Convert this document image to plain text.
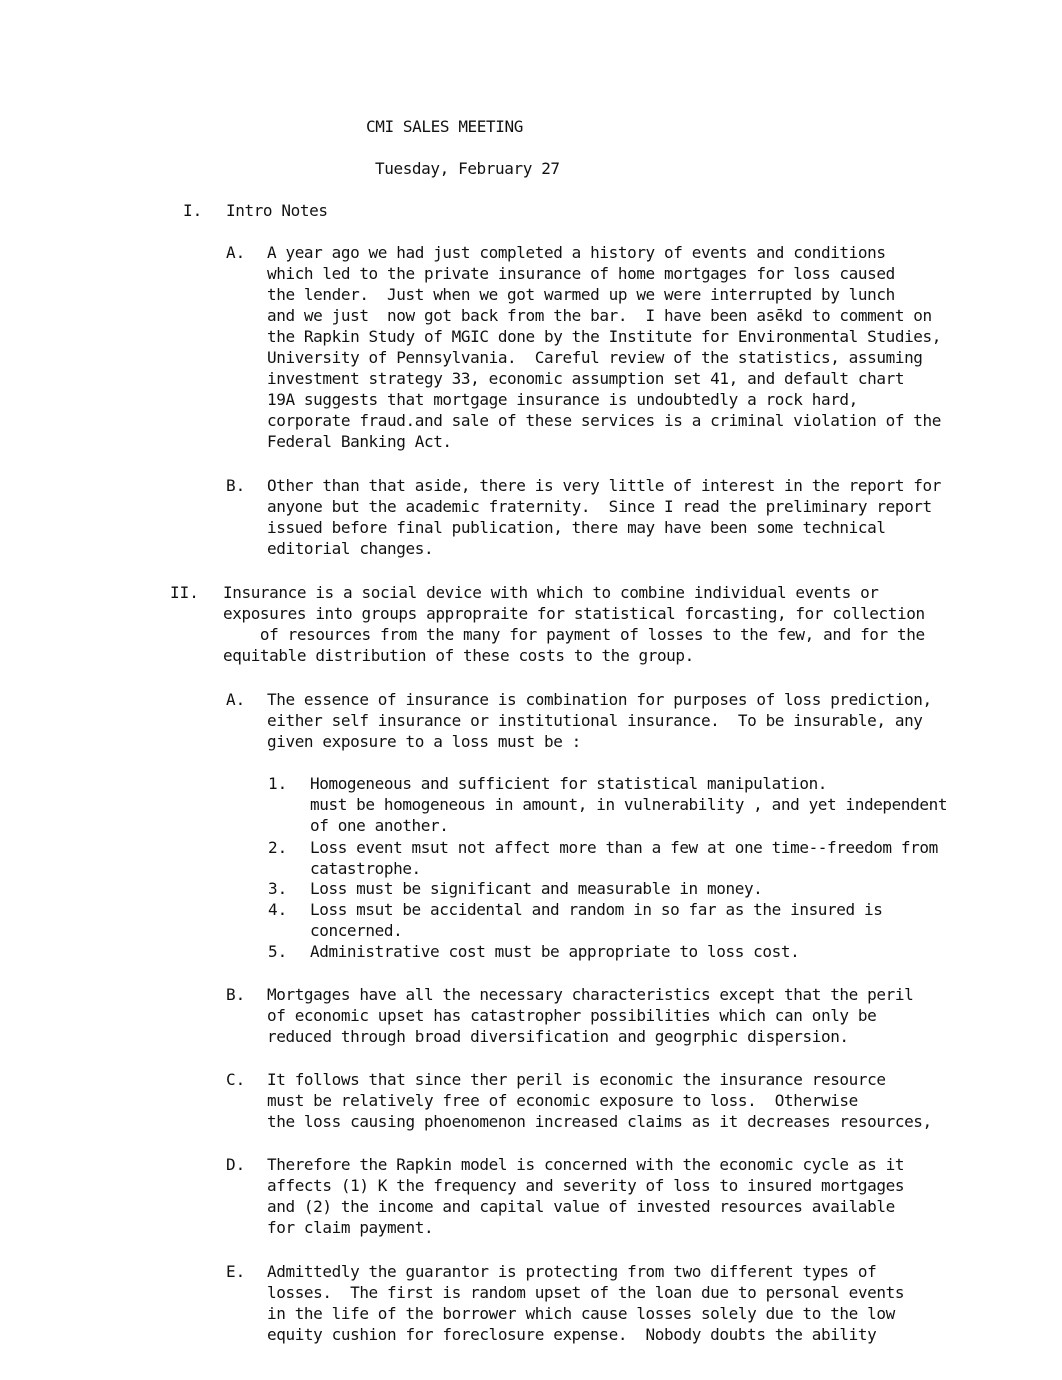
CMI SALES MEETING
Tuesday, February 27
I. Intro Notes
A. A year ago we had just completed a history of events and conditions
which led to the private insurance of home mortgages for loss caused
the lender.  Just when we got warmed up we were interrupted by lunch
and we just  now got back from the bar.  I have been asēkd to comment on
the Rapkin Study of MGIC done by the Institute for Environmental Studies,
University of Pennsylvania.  Careful review of the statistics, assuming
investment strategy 33, economic assumption set 41, and default chart
19A suggests that mortgage insurance is undoubtedly a rock hard,
corporate fraud.and sale of these services is a criminal violation of the
Federal Banking Act.
B. Other than that aside, there is very little of interest in the report for
anyone but the academic fraternity.  Since I read the preliminary report
issued before final publication, there may have been some technical
editorial changes.
II. Insurance is a social device with which to combine individual events or
exposures into groups appropraite for statistical forcasting, for collection
of resources from the many for payment of losses to the few, and for the
equitable distribution of these costs to the group.
A. The essence of insurance is combination for purposes of loss prediction,
either self insurance or institutional insurance.  To be insurable, any
given exposure to a loss must be :
1. Homogeneous and sufficient for statistical manipulation.
must be homogeneous in amount, in vulnerability , and yet independent
of one another.
2. Loss event msut not affect more than a few at one time--freedom from
catastrophe.
3. Loss must be significant and measurable in money.
4. Loss msut be accidental and random in so far as the insured is
concerned.
5. Administrative cost must be appropriate to loss cost.
B. Mortgages have all the necessary characteristics except that the peril
of economic upset has catastropher possibilities which can only be
reduced through broad diversification and geogrphic dispersion.
C. It follows that since ther peril is economic the insurance resource
must be relatively free of economic exposure to loss.  Otherwise
the loss causing phoenomenon increased claims as it decreases resources,
D. Therefore the Rapkin model is concerned with the economic cycle as it
affects (1) K the frequency and severity of loss to insured mortgages
and (2) the income and capital value of invested resources available
for claim payment.
E. Admittedly the guarantor is protecting from two different types of
losses.  The first is random upset of the loan due to personal events
in the life of the borrower which cause losses solely due to the low
equity cushion for foreclosure expense.  Nobody doubts the ability
